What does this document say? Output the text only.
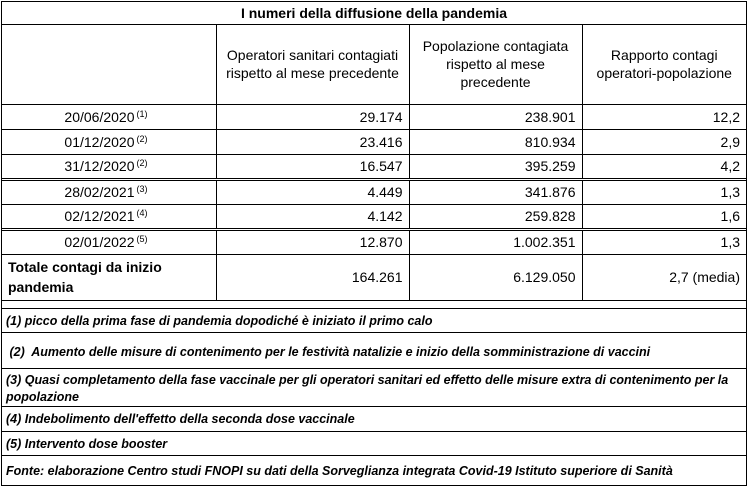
I numeri della diffusione della pandemia
	Operatori sanitari contagiati rispetto al mese precedente	Popolazione contagiata rispetto al mese precedente	Rapporto contagi operatori-popolazione
20/06/2020 $^{(1)}$	29.174	238.901	12,2
01/12/2020 $^{(2)}$	23.416	810.934	2,9
31/12/2020 $^{(2)}$	16.547	395.259	4,2
28/02/2021 $^{(3)}$	4.449	341.876	1,3
02/12/2021 $^{(4)}$	4.142	259.828	1,6
02/01/2022 $^{(5)}$	12.870	1.002.351	1,3
Totale contagi da inizio pandemia	164.261	6.129.050	2,7 (media)
(1) picco della prima fase di pandemia dopodiché è iniziato il primo calo
(2)  Aumento delle misure di contenimento per le festività natalizie e inizio della somministrazione di vaccini
(3) Quasi completamento della fase vaccinale per gli operatori sanitari ed effetto delle misure extra di contenimento per la popolazione
(4) Indebolimento dell'effetto della seconda dose vaccinale
(5) Intervento dose booster
Fonte: elaborazione Centro studi FNOPI su dati della Sorveglianza integrata Covid-19 Istituto superiore di Sanità
